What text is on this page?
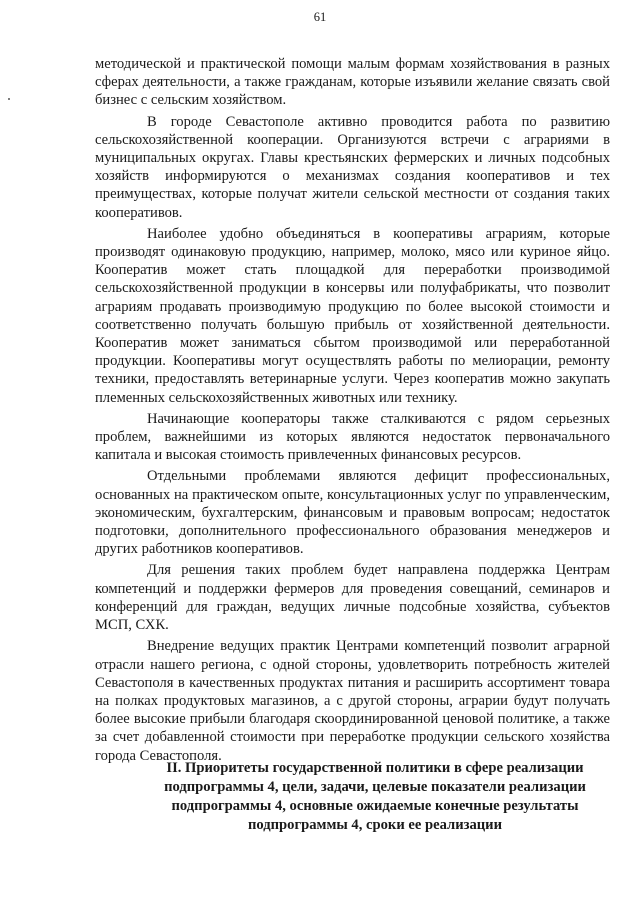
61

методической и практической помощи малым формам хозяйствования в разных сферах деятельности, а также гражданам, которые изъявили желание связать свой бизнес с сельским хозяйством.

В городе Севастополе активно проводится работа по развитию сельскохозяйственной кооперации. Организуются встречи с аграриями в муниципальных округах. Главы крестьянских фермерских и личных подсобных хозяйств информируются о механизмах создания кооперативов и тех преимуществах, которые получат жители сельской местности от создания таких кооперативов.

Наиболее удобно объединяться в кооперативы аграриям, которые производят одинаковую продукцию, например, молоко, мясо или куриное яйцо. Кооператив может стать площадкой для переработки производимой сельскохозяйственной продукции в консервы или полуфабрикаты, что позволит аграриям продавать производимую продукцию по более высокой стоимости и соответственно получать большую прибыль от хозяйственной деятельности. Кооператив может заниматься сбытом производимой или переработанной продукции. Кооперативы могут осуществлять работы по мелиорации, ремонту техники, предоставлять ветеринарные услуги. Через кооператив можно закупать племенных сельскохозяйственных животных или технику.

Начинающие кооператоры также сталкиваются с рядом серьезных проблем, важнейшими из которых являются недостаток первоначального капитала и высокая стоимость привлеченных финансовых ресурсов.

Отдельными проблемами являются дефицит профессиональных, основанных на практическом опыте, консультационных услуг по управленческим, экономическим, бухгалтерским, финансовым и правовым вопросам; недостаток подготовки, дополнительного профессионального образования менеджеров и других работников кооперативов.

Для решения таких проблем будет направлена поддержка Центрам компетенций и поддержки фермеров для проведения совещаний, семинаров и конференций для граждан, ведущих личные подсобные хозяйства, субъектов МСП, СХК.

Внедрение ведущих практик Центрами компетенций позволит аграрной отрасли нашего региона, с одной стороны, удовлетворить потребность жителей Севастополя в качественных продуктах питания и расширить ассортимент товара на полках продуктовых магазинов, а с другой стороны, аграрии будут получать более высокие прибыли благодаря скоординированной ценовой политике, а также за счет добавленной стоимости при переработке продукции сельского хозяйства города Севастополя.

II. Приоритеты государственной политики в сфере реализации подпрограммы 4, цели, задачи, целевые показатели реализации подпрограммы 4, основные ожидаемые конечные результаты подпрограммы 4, сроки ее реализации
